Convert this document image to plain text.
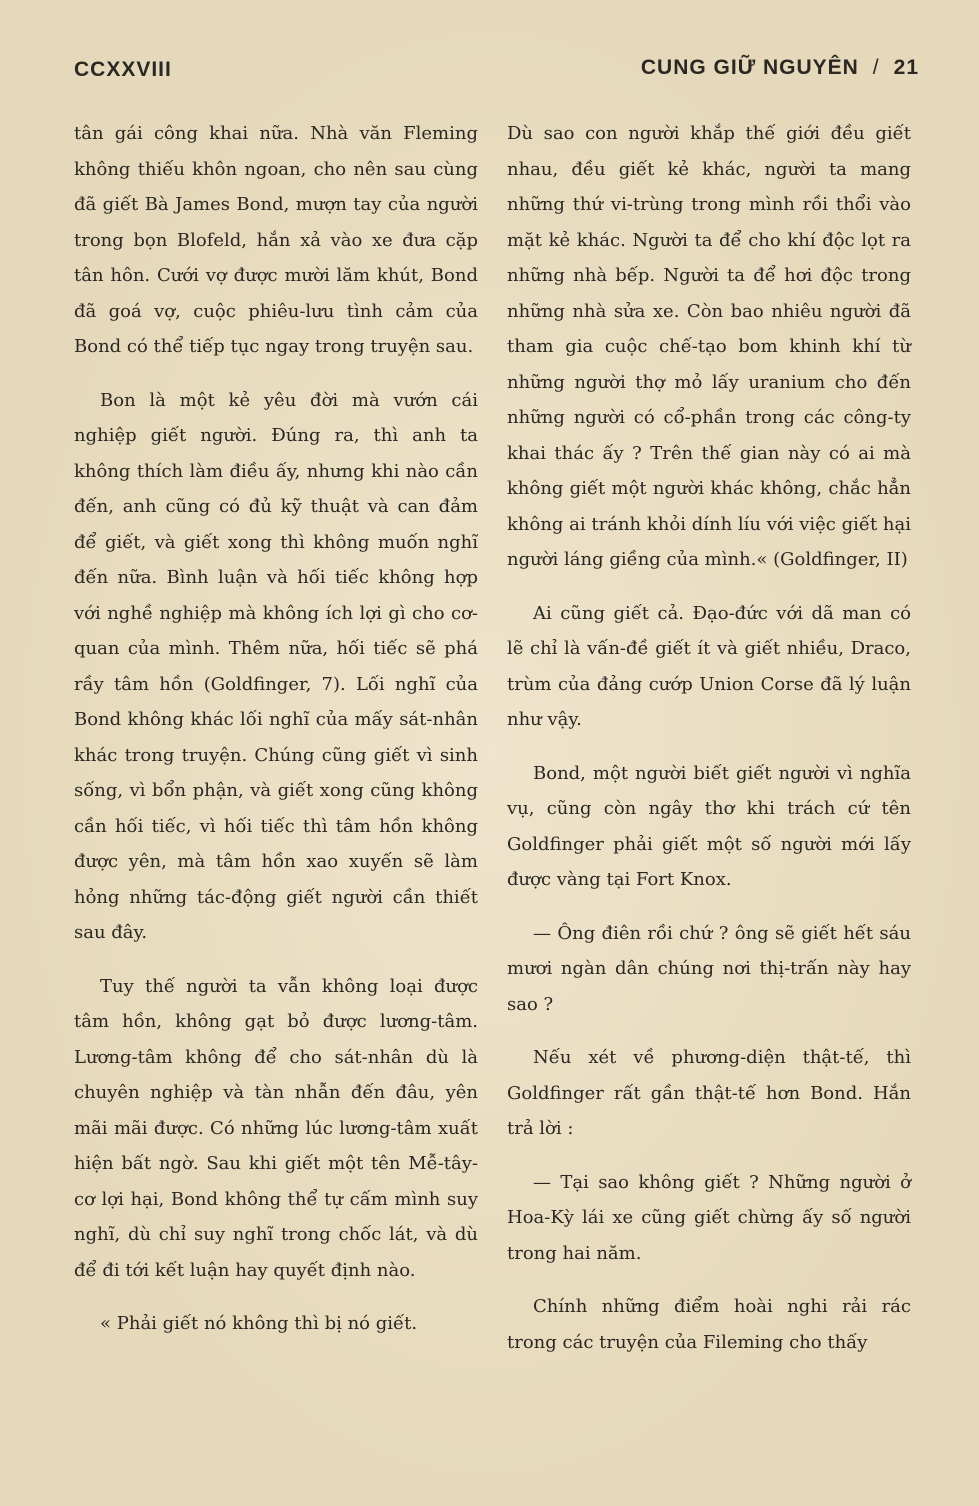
CCXXVIII	CUNG GIỮ NGUYÊN / 21

tân gái công khai nữa. Nhà văn Fleming không thiếu khôn ngoan, cho nên sau cùng đã giết Bà James Bond, mượn tay của người trong bọn Blofeld, hắn xả vào xe đưa cặp tân hôn. Cưới vợ được mười lăm khút, Bond đã goá vợ, cuộc phiêu-lưu tình cảm của Bond có thể tiếp tục ngay trong truyện sau.

Bon là một kẻ yêu đời mà vướn cái nghiệp giết người. Đúng ra, thì anh ta không thích làm điều ấy, nhưng khi nào cần đến, anh cũng có đủ kỹ thuật và can đảm để giết, và giết xong thì không muốn nghĩ đến nữa. Bình luận và hối tiếc không hợp với nghề nghiệp mà không ích lợi gì cho cơ-quan của mình. Thêm nữa, hối tiếc sẽ phá rầy tâm hồn (Goldfinger, 7). Lối nghĩ của Bond không khác lối nghĩ của mấy sát-nhân khác trong truyện. Chúng cũng giết vì sinh sống, vì bổn phận, và giết xong cũng không cần hối tiếc, vì hối tiếc thì tâm hồn không được yên, mà tâm hồn xao xuyến sẽ làm hỏng những tác-động giết người cần thiết sau đây.

Tuy thế người ta vẫn không loại được tâm hồn, không gạt bỏ được lương-tâm. Lương-tâm không để cho sát-nhân dù là chuyên nghiệp và tàn nhẫn đến đâu, yên mãi mãi được. Có những lúc lương-tâm xuất hiện bất ngờ. Sau khi giết một tên Mễ-tây-cơ lợi hại, Bond không thể tự cấm mình suy nghĩ, dù chỉ suy nghĩ trong chốc lát, và dù để đi tới kết luận hay quyết định nào.

« Phải giết nó không thì bị nó giết.

Dù sao con người khắp thế giới đều giết nhau, đều giết kẻ khác, người ta mang những thứ vi-trùng trong mình rồi thổi vào mặt kẻ khác. Người ta để cho khí độc lọt ra những nhà bếp. Người ta để hơi độc trong những nhà sửa xe. Còn bao nhiêu người đã tham gia cuộc chế-tạo bom khinh khí từ những người thợ mỏ lấy uranium cho đến những người có cổ-phần trong các công-ty khai thác ấy ? Trên thế gian này có ai mà không giết một người khác không, chắc hẳn không ai tránh khỏi dính líu với việc giết hại người láng giềng của mình.« (Goldfinger, II)

Ai cũng giết cả. Đạo-đức với dã man có lẽ chỉ là vấn-đề giết ít và giết nhiều, Draco, trùm của đảng cướp Union Corse đã lý luận như vậy.

Bond, một người biết giết người vì nghĩa vụ, cũng còn ngây thơ khi trách cứ tên Goldfinger phải giết một số người mới lấy được vàng tại Fort Knox.

— Ông điên rồi chứ ? ông sẽ giết hết sáu mươi ngàn dân chúng nơi thị-trấn này hay sao ?

Nếu xét về phương-diện thật-tế, thì Goldfinger rất gần thật-tế hơn Bond. Hắn trả lời :

— Tại sao không giết ? Những người ở Hoa-Kỳ lái xe cũng giết chừng ấy số người trong hai năm.

Chính những điểm hoài nghi rải rác trong các truyện của Fileming cho thấy
